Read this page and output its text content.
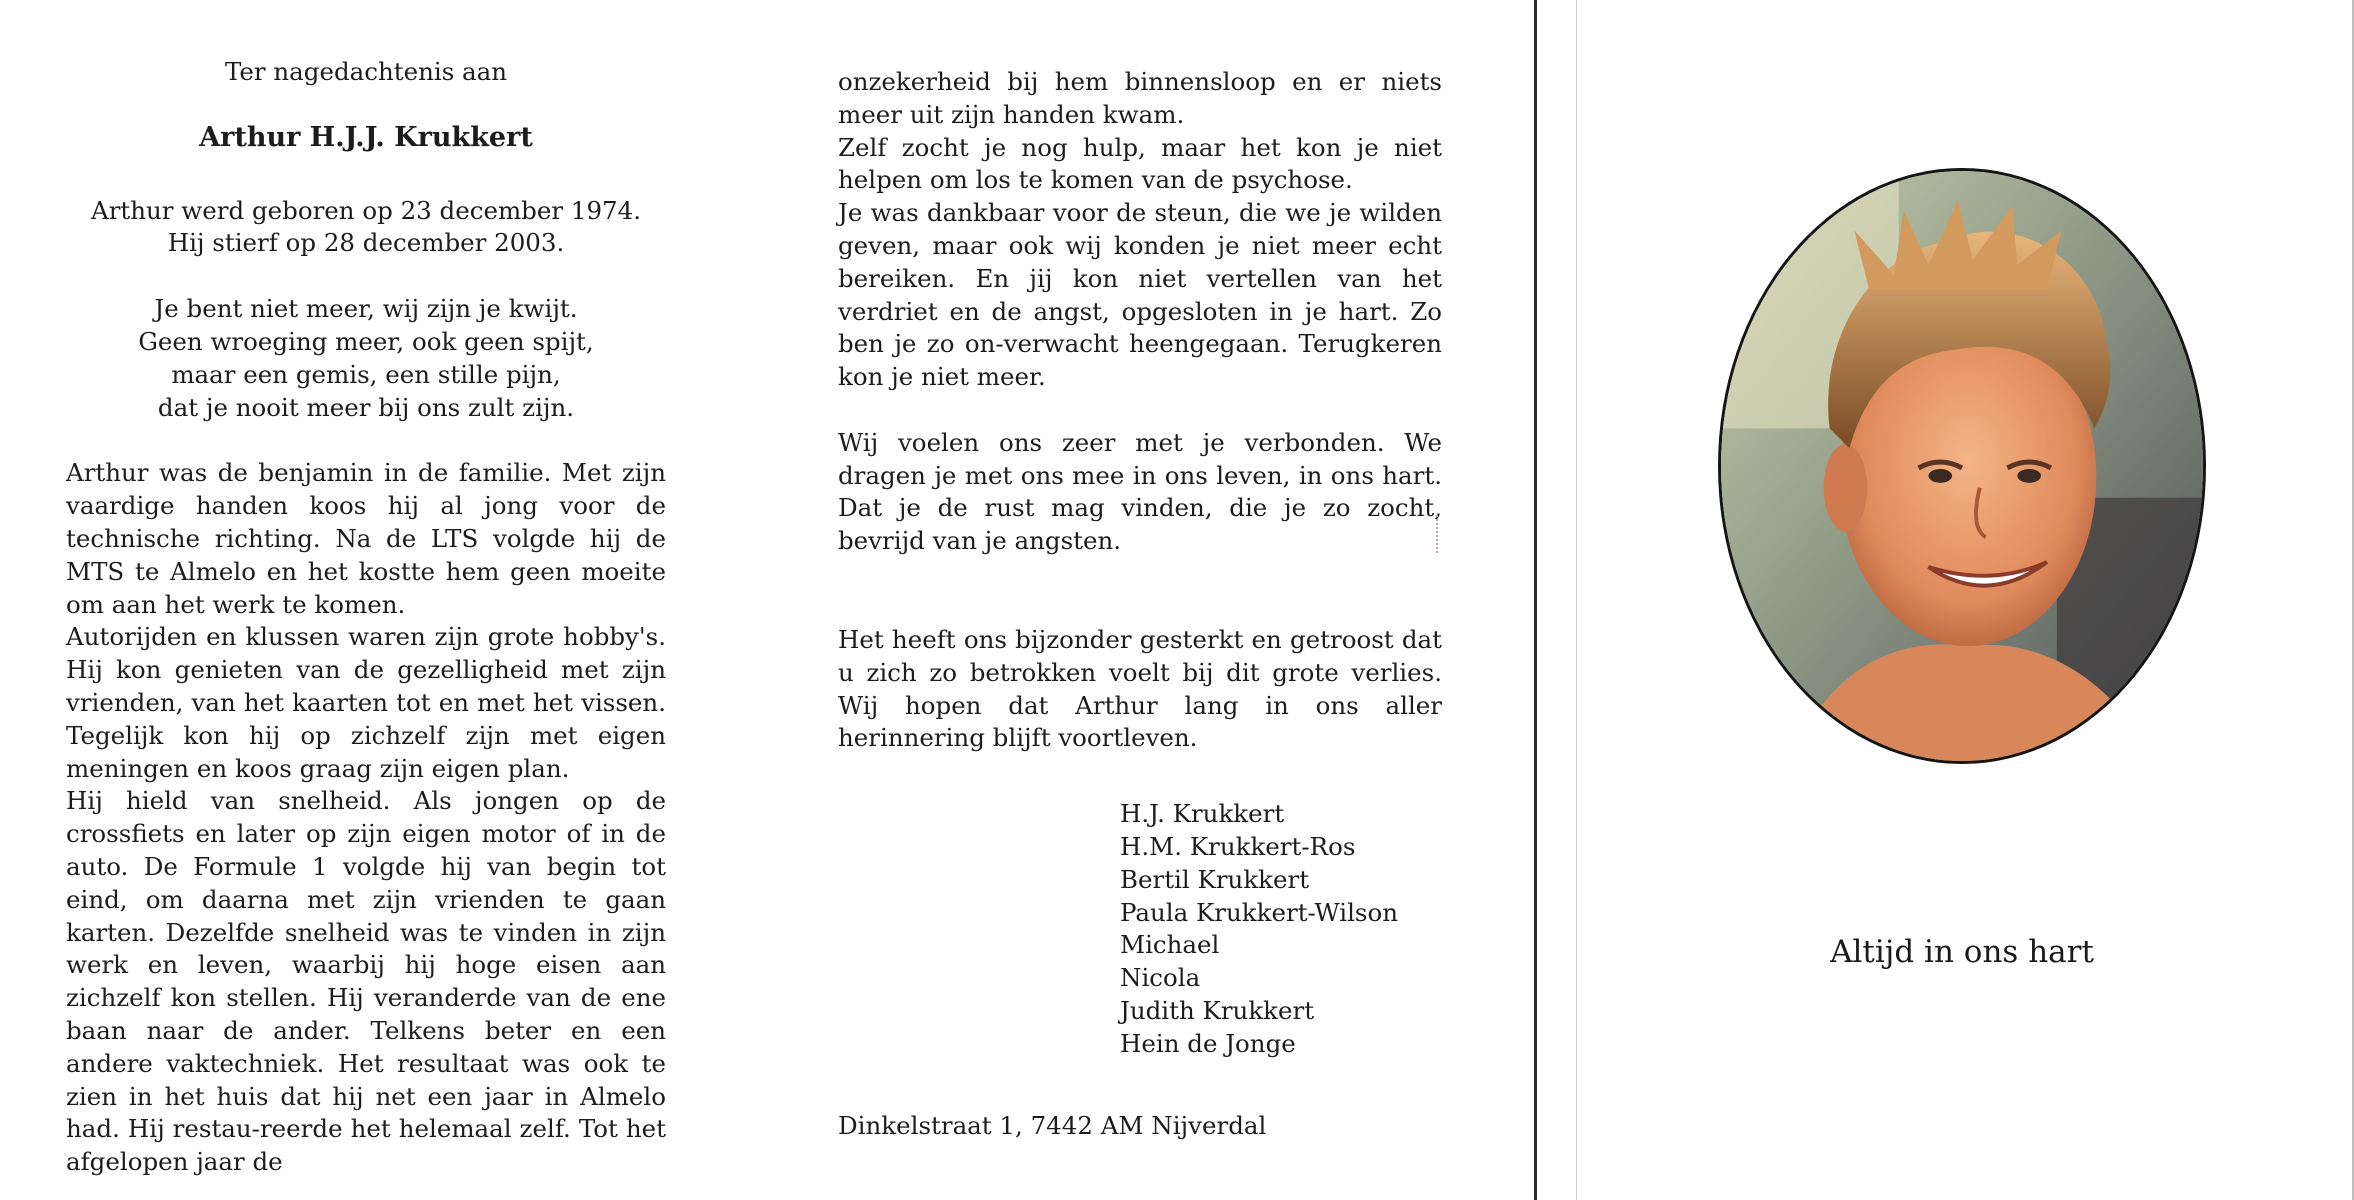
Ter nagedachtenis aan
Arthur H.J.J. Krukkert
Arthur werd geboren op 23 december 1974.
Hij stierf op 28 december 2003.
Je bent niet meer, wij zijn je kwijt.
Geen wroeging meer, ook geen spijt,
maar een gemis, een stille pijn,
dat je nooit meer bij ons zult zijn.

Arthur was de benjamin in de familie. Met zijn vaardige handen koos hij al jong voor de technische richting. Na de LTS volgde hij de MTS te Almelo en het kostte hem geen moeite om aan het werk te komen.

Autorijden en klussen waren zijn grote hobby's. Hij kon genieten van de gezelligheid met zijn vrienden, van het kaarten tot en met het vissen. Tegelijk kon hij op zichzelf zijn met eigen meningen en koos graag zijn eigen plan.

Hij hield van snelheid. Als jongen op de crossfiets en later op zijn eigen motor of in de auto. De Formule 1 volgde hij van begin tot eind, om daarna met zijn vrienden te gaan karten. Dezelfde snelheid was te vinden in zijn werk en leven, waarbij hij hoge eisen aan zichzelf kon stellen. Hij veranderde van de ene baan naar de ander. Telkens beter en een andere vaktechniek. Het resultaat was ook te zien in het huis dat hij net een jaar in Almelo had. Hij restau-reerde het helemaal zelf. Tot het afgelopen jaar de

onzekerheid bij hem binnensloop en er niets meer uit zijn handen kwam.

Zelf zocht je nog hulp, maar het kon je niet helpen om los te komen van de psychose.

Je was dankbaar voor de steun, die we je wilden geven, maar ook wij konden je niet meer echt bereiken. En jij kon niet vertellen van het verdriet en de angst, opgesloten in je hart. Zo ben je zo on-verwacht heengegaan. Terugkeren kon je niet meer.

Wij voelen ons zeer met je verbonden. We dragen je met ons mee in ons leven, in ons hart. Dat je de rust mag vinden, die je zo zocht, bevrijd van je angsten.

Het heeft ons bijzonder gesterkt en getroost dat u zich zo betrokken voelt bij dit grote verlies. Wij hopen dat Arthur lang in ons aller herinnering blijft voortleven.

H.J. Krukkert
H.M. Krukkert-Ros
Bertil Krukkert
Paula Krukkert-Wilson
Michael
Nicola
Judith Krukkert
Hein de Jonge
Dinkelstraat 1, 7442 AM Nijverdal
Altijd in ons hart
